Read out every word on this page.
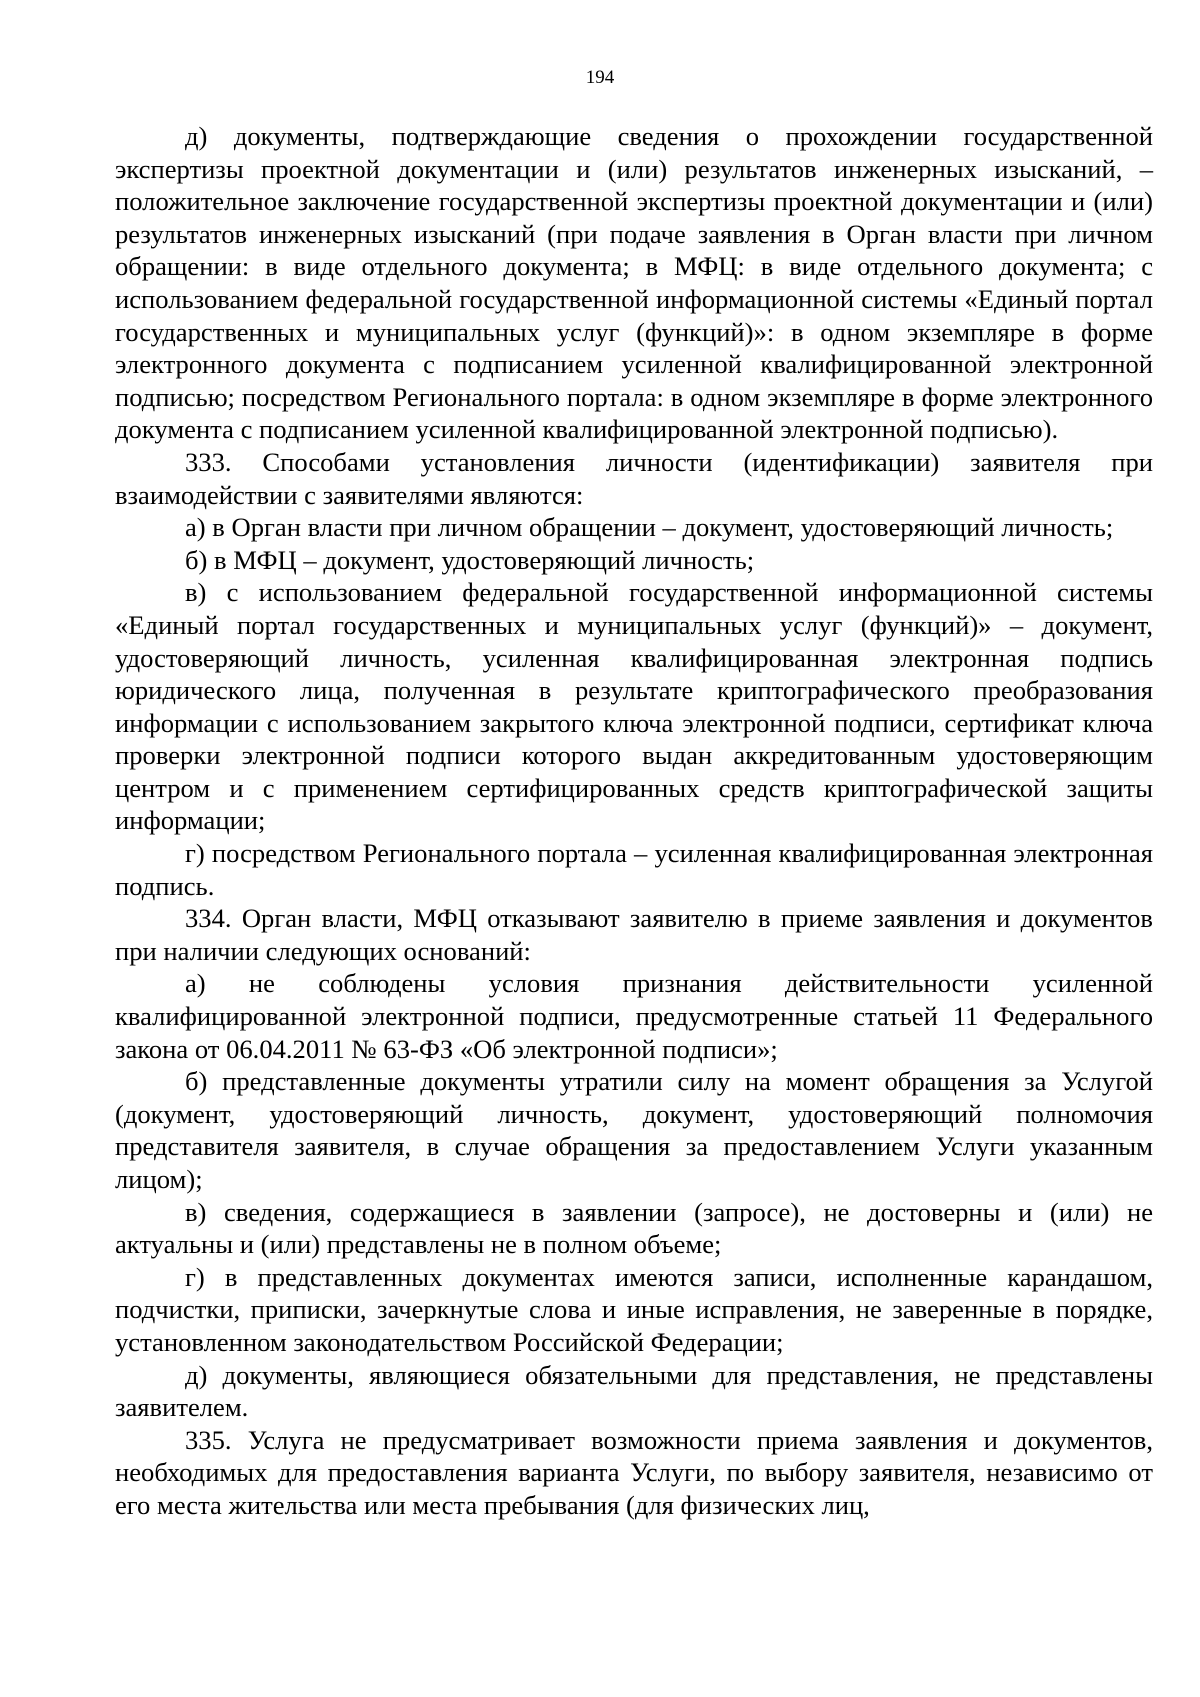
194

д) документы, подтверждающие сведения о прохождении государственной экспертизы проектной документации и (или) результатов инженерных изысканий, – положительное заключение государственной экспертизы проектной документации и (или) результатов инженерных изысканий (при подаче заявления в Орган власти при личном обращении: в виде отдельного документа; в МФЦ: в виде отдельного документа; с использованием федеральной государственной информационной системы «Единый портал государственных и муниципальных услуг (функций)»: в одном экземпляре в форме электронного документа с подписанием усиленной квалифицированной электронной подписью; посредством Регионального портала: в одном экземпляре в форме электронного документа с подписанием усиленной квалифицированной электронной подписью).

333. Способами установления личности (идентификации) заявителя при взаимодействии с заявителями являются:

а) в Орган власти при личном обращении – документ, удостоверяющий личность;

б) в МФЦ – документ, удостоверяющий личность;

в) с использованием федеральной государственной информационной системы «Единый портал государственных и муниципальных услуг (функций)» – документ, удостоверяющий личность, усиленная квалифицированная электронная подпись юридического лица, полученная в результате криптографического преобразования информации с использованием закрытого ключа электронной подписи, сертификат ключа проверки электронной подписи которого выдан аккредитованным удостоверяющим центром и с применением сертифицированных средств криптографической защиты информации;

г) посредством Регионального портала – усиленная квалифицированная электронная подпись.

334. Орган власти, МФЦ отказывают заявителю в приеме заявления и документов при наличии следующих оснований:

а) не соблюдены условия признания действительности усиленной квалифицированной электронной подписи, предусмотренные статьей 11 Федерального закона от 06.04.2011 № 63-ФЗ «Об электронной подписи»;

б) представленные документы утратили силу на момент обращения за Услугой (документ, удостоверяющий личность, документ, удостоверяющий полномочия представителя заявителя, в случае обращения за предоставлением Услуги указанным лицом);

в) сведения, содержащиеся в заявлении (запросе), не достоверны и (или) не актуальны и (или) представлены не в полном объеме;

г) в представленных документах имеются записи, исполненные карандашом, подчистки, приписки, зачеркнутые слова и иные исправления, не заверенные в порядке, установленном законодательством Российской Федерации;

д) документы, являющиеся обязательными для представления, не представлены заявителем.

335. Услуга не предусматривает возможности приема заявления и документов, необходимых для предоставления варианта Услуги, по выбору заявителя, независимо от его места жительства или места пребывания (для физических лиц,
